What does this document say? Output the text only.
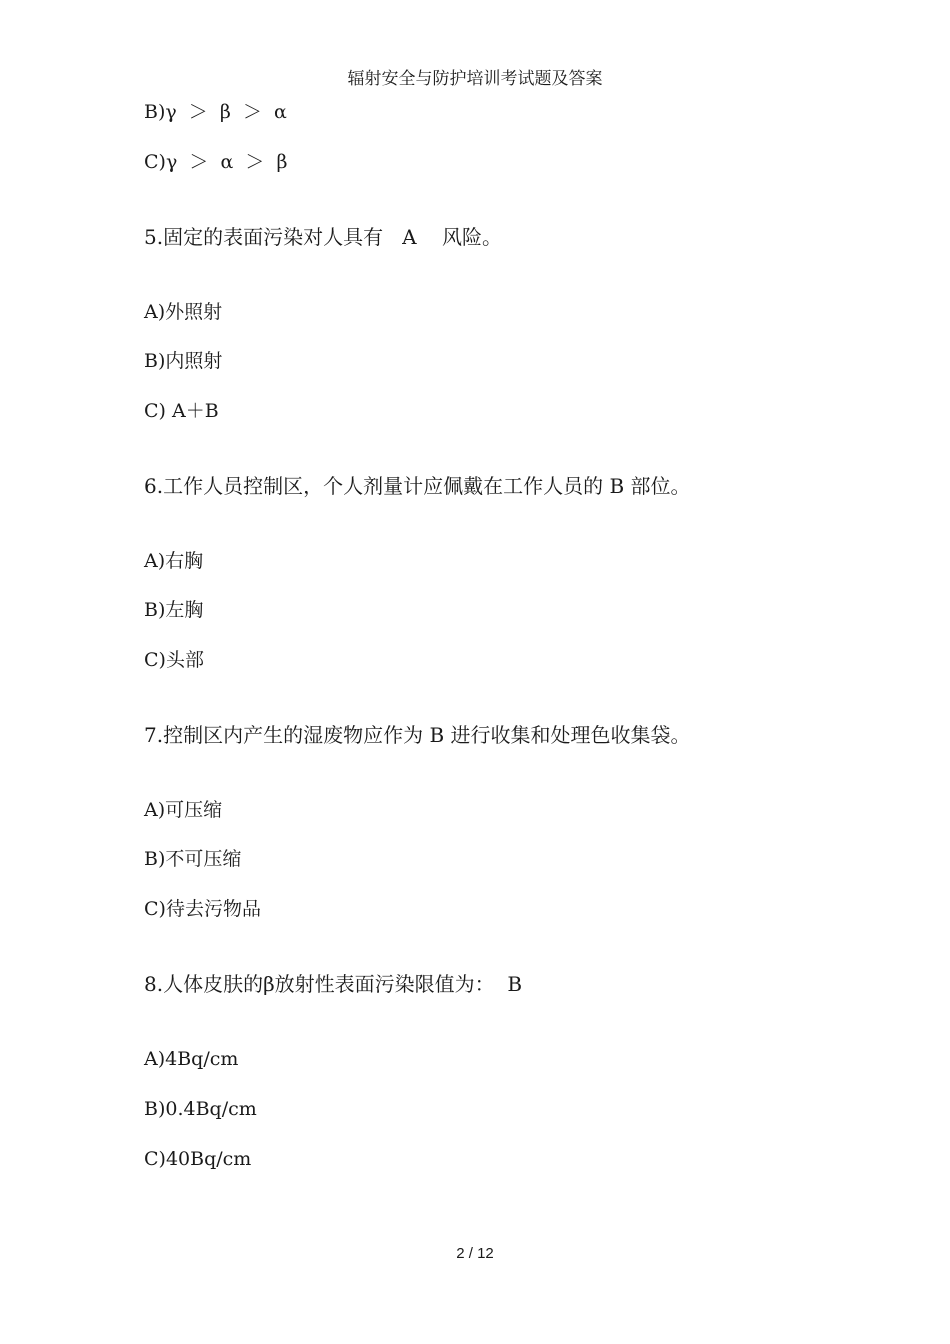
辐射安全与防护培训考试题及答案
B)γ  ＞  β  ＞  α
C)γ  ＞  α  ＞  β
5.固定的表面污染对人具有   A    风险。
A)外照射
B)内照射
C) A＋B
6.工作人员控制区，个人剂量计应佩戴在工作人员的 B 部位。
A)右胸
B)左胸
C)头部
7.控制区内产生的湿废物应作为 B 进行收集和处理色收集袋。
A)可压缩
B)不可压缩
C)待去污物品
8.人体皮肤的β放射性表面污染限值为：  B
A)4Bq/cm
B)0.4Bq/cm
C)40Bq/cm
2 / 12
